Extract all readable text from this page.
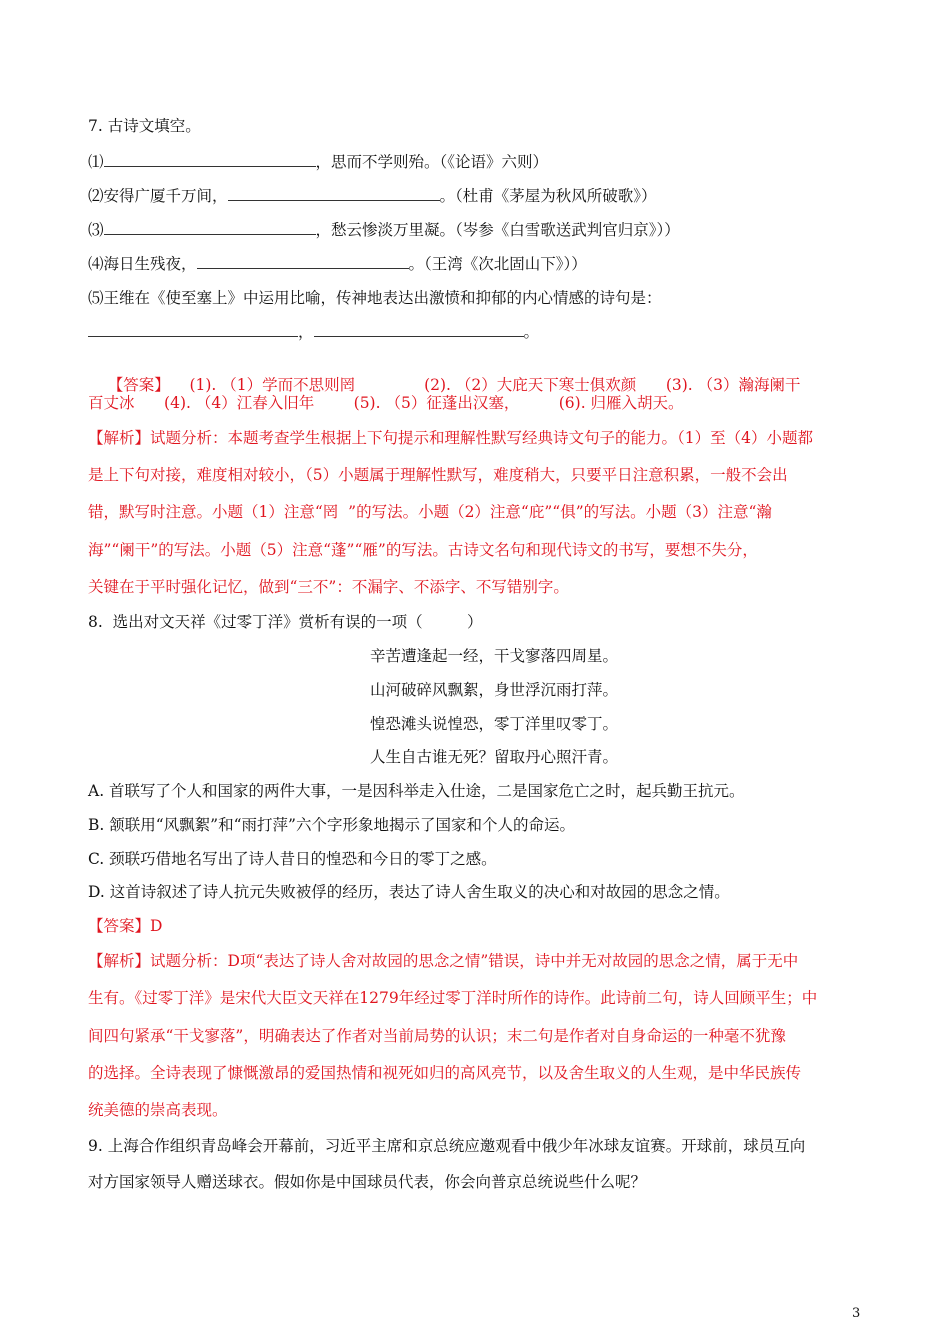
7. 古诗文填空。
⑴	，思而不学则殆。（《论语》六则）
⑵安得广厦千万间，	。（杜甫《茅屋为秋风所破歌》）
⑶	，愁云惨淡万里凝。（岑参《白雪歌送武判官归京》））
⑷海日生残夜，	。（王湾《次北固山下》））
⑸王维在《使至塞上》中运用比喻，传神地表达出激愤和抑郁的内心情感的诗句是：
，	。

【答案】    (1). （1）学而不思则罔              (2). （2）大庇天下寒士俱欢颜      (3). （3）瀚海阑干

百丈冰      (4). （4）江春入旧年        (5). （5）征蓬出汉塞，        (6). 归雁入胡天。
【解析】试题分析：本题考查学生根据上下句提示和理解性默写经典诗文句子的能力。（1）至（4）小题都
是上下句对接，难度相对较小，（5）小题属于理解性默写，难度稍大，只要平日注意积累，一般不会出
错，默写时注意。小题（1）注意“罔  ”的写法。小题（2）注意“庇”“俱”的写法。小题（3）注意“瀚
海”“阑干”的写法。小题（5）注意“蓬”“雁”的写法。古诗文名句和现代诗文的书写，要想不失分，
关键在于平时强化记忆，做到“三不”：不漏字、不添字、不写错别字。
8.  选出对文天祥《过零丁洋》赏析有误的一项（         ）
辛苦遭逢起一经，干戈寥落四周星。
山河破碎风飘絮，身世浮沉雨打萍。
惶恐滩头说惶恐，零丁洋里叹零丁。
人生自古谁无死？留取丹心照汗青。
A. 首联写了个人和国家的两件大事，一是因科举走入仕途，二是国家危亡之时，起兵勤王抗元。
B. 颔联用“风飘絮”和“雨打萍”六个字形象地揭示了国家和个人的命运。
C. 颈联巧借地名写出了诗人昔日的惶恐和今日的零丁之感。
D. 这首诗叙述了诗人抗元失败被俘的经历，表达了诗人舍生取义的决心和对故园的思念之情。
【答案】D
【解析】试题分析：D项“表达了诗人舍对故园的思念之情”错误，诗中并无对故园的思念之情，属于无中
生有。《过零丁洋》是宋代大臣文天祥在1279年经过零丁洋时所作的诗作。此诗前二句，诗人回顾平生；中
间四句紧承“干戈寥落”，明确表达了作者对当前局势的认识；末二句是作者对自身命运的一种毫不犹豫
的选择。全诗表现了慷慨激昂的爱国热情和视死如归的高风亮节，以及舍生取义的人生观，是中华民族传
统美德的崇高表现。
9. 上海合作组织青岛峰会开幕前，习近平主席和京总统应邀观看中俄少年冰球友谊赛。开球前，球员互向
对方国家领导人赠送球衣。假如你是中国球员代表，你会向普京总统说些什么呢？
3
